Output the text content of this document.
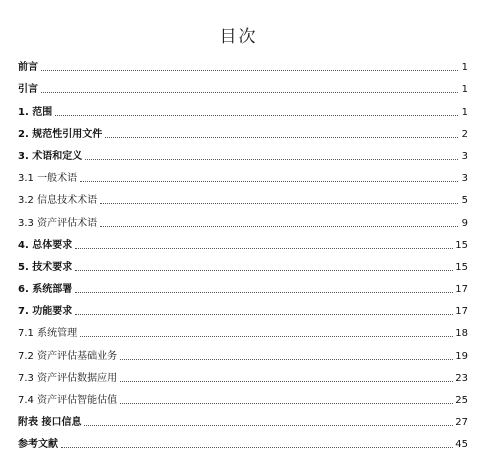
目次
前言	1
引言	1
1. 范围	1
2. 规范性引用文件	2
3. 术语和定义	3
3.1 一般术语	3
3.2 信息技术术语	5
3.3 资产评估术语	9
4. 总体要求	15
5. 技术要求	15
6. 系统部署	17
7. 功能要求	17
7.1 系统管理	18
7.2 资产评估基础业务	19
7.3 资产评估数据应用	23
7.4 资产评估智能估值	25
附表 接口信息	27
参考文献	45
